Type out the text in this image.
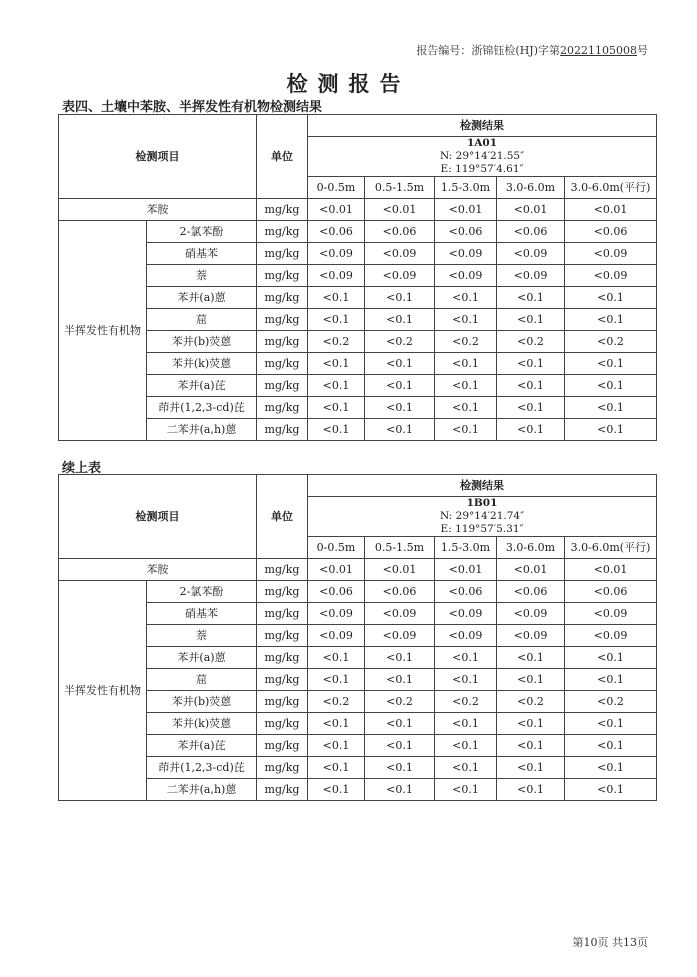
报告编号：浙锦钰检(HJ)字第20221105008号
检测报告
表四、土壤中苯胺、半挥发性有机物检测结果
检测项目		单位	检测结果				

			1A01
N: 29°14′21.55″
E: 119°57′4.61″				

			0-0.5m	0.5-1.5m	1.5-3.0m	3.0-6.0m	3.0-6.0m(平行)
苯胺		mg/kg	<0.01	<0.01	<0.01	<0.01	<0.01
半挥发性有机物	2-氯苯酚	mg/kg	<0.06	<0.06	<0.06	<0.06	<0.06
	硝基苯	mg/kg	<0.09	<0.09	<0.09	<0.09	<0.09
	萘	mg/kg	<0.09	<0.09	<0.09	<0.09	<0.09
	苯并(a)蒽	mg/kg	<0.1	<0.1	<0.1	<0.1	<0.1
	䓛	mg/kg	<0.1	<0.1	<0.1	<0.1	<0.1
	苯并(b)荧蒽	mg/kg	<0.2	<0.2	<0.2	<0.2	<0.2
	苯并(k)荧蒽	mg/kg	<0.1	<0.1	<0.1	<0.1	<0.1
	苯并(a)芘	mg/kg	<0.1	<0.1	<0.1	<0.1	<0.1
	茚并(1,2,3-cd)芘	mg/kg	<0.1	<0.1	<0.1	<0.1	<0.1
	二苯并(a,h)蒽	mg/kg	<0.1	<0.1	<0.1	<0.1	<0.1
续上表
检测项目		单位	检测结果				

			1B01
N: 29°14′21.74″
E: 119°57′5.31″				

			0-0.5m	0.5-1.5m	1.5-3.0m	3.0-6.0m	3.0-6.0m(平行)
苯胺		mg/kg	<0.01	<0.01	<0.01	<0.01	<0.01
半挥发性有机物	2-氯苯酚	mg/kg	<0.06	<0.06	<0.06	<0.06	<0.06
	硝基苯	mg/kg	<0.09	<0.09	<0.09	<0.09	<0.09
	萘	mg/kg	<0.09	<0.09	<0.09	<0.09	<0.09
	苯并(a)蒽	mg/kg	<0.1	<0.1	<0.1	<0.1	<0.1
	䓛	mg/kg	<0.1	<0.1	<0.1	<0.1	<0.1
	苯并(b)荧蒽	mg/kg	<0.2	<0.2	<0.2	<0.2	<0.2
	苯并(k)荧蒽	mg/kg	<0.1	<0.1	<0.1	<0.1	<0.1
	苯并(a)芘	mg/kg	<0.1	<0.1	<0.1	<0.1	<0.1
	茚并(1,2,3-cd)芘	mg/kg	<0.1	<0.1	<0.1	<0.1	<0.1
	二苯并(a,h)蒽	mg/kg	<0.1	<0.1	<0.1	<0.1	<0.1
第10页 共13页
